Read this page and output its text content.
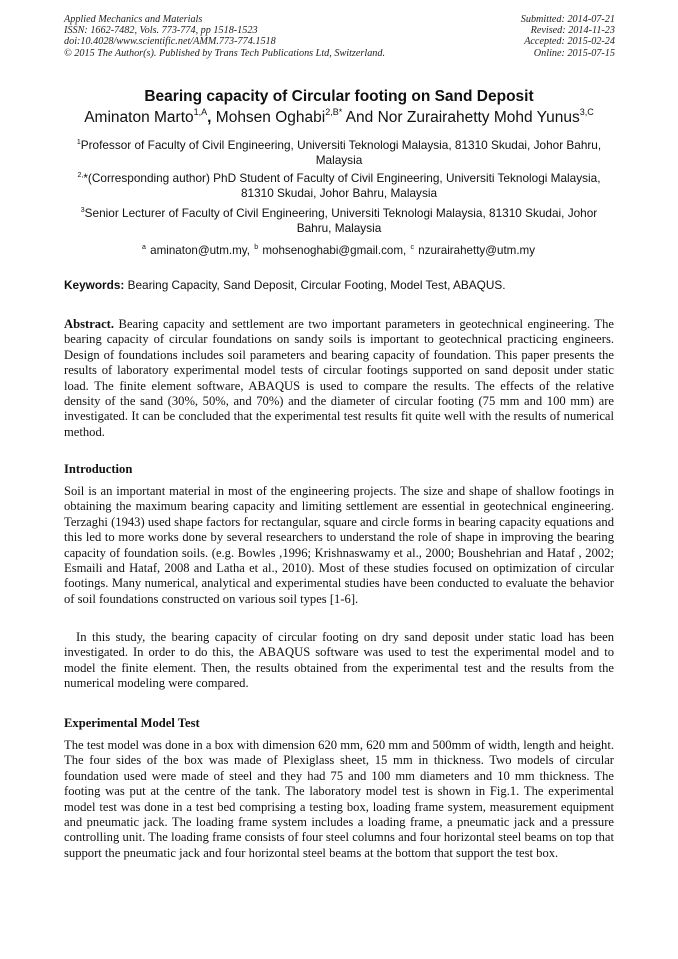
Applied Mechanics and Materials
ISSN: 1662-7482, Vols. 773-774, pp 1518-1523
doi:10.4028/www.scientific.net/AMM.773-774.1518
© 2015 The Author(s). Published by Trans Tech Publications Ltd, Switzerland.
Submitted: 2014-07-21
Revised: 2014-11-23
Accepted: 2015-02-24
Online: 2015-07-15
Bearing capacity of Circular footing on Sand Deposit
Aminaton Marto$^{1,A}$, Mohsen Oghabi$^{2,B*}$ And Nor Zurairahetty Mohd Yunus$^{3,C}$
$^1$Professor of Faculty of Civil Engineering, Universiti Teknologi Malaysia, 81310 Skudai, Johor Bahru, Malaysia
$^{2,}$*(Corresponding author) PhD Student of Faculty of Civil Engineering, Universiti Teknologi Malaysia, 81310 Skudai, Johor Bahru, Malaysia
$^3$Senior Lecturer of Faculty of Civil Engineering, Universiti Teknologi Malaysia, 81310 Skudai, Johor Bahru, Malaysia
$^a$ aminaton@utm.my, $^b$ mohsenoghabi@gmail.com, $^c$ nzurairahetty@utm.my
Keywords: Bearing Capacity, Sand Deposit, Circular Footing, Model Test, ABAQUS.
Abstract. Bearing capacity and settlement are two important parameters in geotechnical engineering. The bearing capacity of circular foundations on sandy soils is important to geotechnical practicing engineers. Design of foundations includes soil parameters and bearing capacity of foundation. This paper presents the results of laboratory experimental model tests of circular footings supported on sand deposit under static load. The finite element software, ABAQUS is used to compare the results. The effects of the relative density of the sand (30%, 50%, and 70%) and the diameter of circular footing (75 mm and 100 mm) are investigated. It can be concluded that the experimental test results fit quite well with the results of numerical method.
Introduction
Soil is an important material in most of the engineering projects. The size and shape of shallow footings in obtaining the maximum bearing capacity and limiting settlement are essential in geotechnical engineering. Terzaghi (1943) used shape factors for rectangular, square and circle forms in bearing capacity equations and this led to more works done by several researchers to understand the role of shape in improving the bearing capacity of foundation soils. (e.g. Bowles ,1996; Krishnaswamy et al., 2000; Boushehrian and Hataf , 2002; Esmaili and Hataf, 2008 and Latha et al., 2010). Most of these studies focused on optimization of circular footings. Many numerical, analytical and experimental studies have been conducted to evaluate the behavior of soil foundations constructed on various soil types [1-6].
In this study, the bearing capacity of circular footing on dry sand deposit under static load has been investigated. In order to do this, the ABAQUS software was used to test the experimental model and to model the finite element. Then, the results obtained from the experimental test and the results from the numerical modeling were compared.
Experimental Model Test
The test model was done in a box with dimension 620 mm, 620 mm and 500mm of width, length and height. The four sides of the box was made of Plexiglass sheet, 15 mm in thickness. Two models of circular foundation used were made of steel and they had 75 and 100 mm diameters and 10 mm thickness. The footing was put at the centre of the tank. The laboratory model test is shown in Fig.1. The experimental model test was done in a test bed comprising a testing box, loading frame system, measurement equipment and pneumatic jack. The loading frame system includes a loading frame, a pneumatic jack and a pressure controlling unit. The loading frame consists of four steel columns and four horizontal steel beams on top that support the pneumatic jack and four horizontal steel beams at the bottom that support the test box.
